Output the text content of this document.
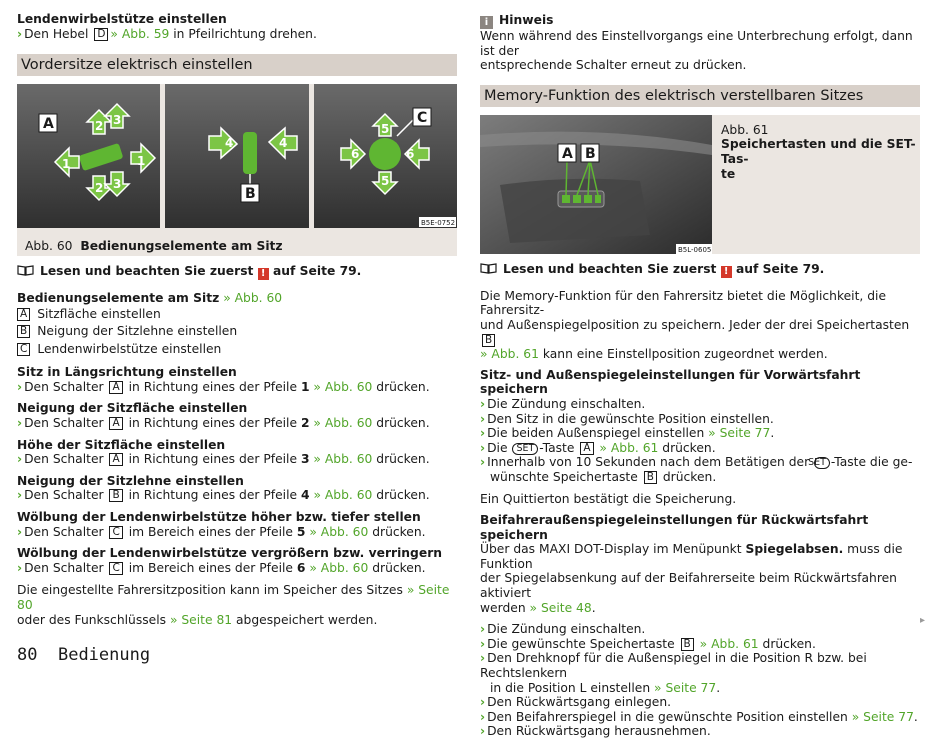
Lendenwirbelstütze einstellen
› Den Hebel D » Abb. 59 in Pfeilrichtung drehen.
Vordersitze elektrisch einstellen
1	1
2
2
3
3
A
4	4
B
5
5
6	6
C
B5E-0752
Abb. 60 Bedienungselemente am Sitz
Lesen und beachten Sie zuerst ! auf Seite 79.
Bedienungselemente am Sitz » Abb. 60
A Sitzfläche einstellen
B Neigung der Sitzlehne einstellen
C Lendenwirbelstütze einstellen
Sitz in Längsrichtung einstellen
› Den Schalter A in Richtung eines der Pfeile 1 » Abb. 60 drücken.
Neigung der Sitzfläche einstellen
› Den Schalter A in Richtung eines der Pfeile 2 » Abb. 60 drücken.
Höhe der Sitzfläche einstellen
› Den Schalter A in Richtung eines der Pfeile 3 » Abb. 60 drücken.
Neigung der Sitzlehne einstellen
› Den Schalter B in Richtung eines der Pfeile 4 » Abb. 60 drücken.
Wölbung der Lendenwirbelstütze höher bzw. tiefer stellen
› Den Schalter C im Bereich eines der Pfeile 5 » Abb. 60 drücken.
Wölbung der Lendenwirbelstütze vergrößern bzw. verringern
› Den Schalter C im Bereich eines der Pfeile 6 » Abb. 60 drücken.
Die eingestellte Fahrersitzposition kann im Speicher des Sitzes » Seite 80
oder des Funkschlüssels » Seite 81 abgespeichert werden.
80 Bedienung
i Hinweis
Wenn während des Einstellvorgangs eine Unterbrechung erfolgt, dann ist der
entsprechende Schalter erneut zu drücken.
Memory-Funktion des elektrisch verstellbaren Sitzes
A B
B5L-0605
Abb. 61
Speichertasten und die SET-Tas-
te
Lesen und beachten Sie zuerst ! auf Seite 79.
Die Memory-Funktion für den Fahrersitz bietet die Möglichkeit, die Fahrersitz-
und Außenspiegelposition zu speichern. Jeder der drei Speichertasten B
» Abb. 61 kann eine Einstellposition zugeordnet werden.
Sitz- und Außenspiegeleinstellungen für Vorwärtsfahrt speichern
› Die Zündung einschalten.
› Den Sitz in die gewünschte Position einstellen.
› Die beiden Außenspiegel einstellen » Seite 77.
› Die SET -Taste A » Abb. 61 drücken.
› Innerhalb von 10 Sekunden nach dem Betätigen der SET -Taste die ge-
wünschte Speichertaste B drücken.
Ein Quittierton bestätigt die Speicherung.
Beifahreraußenspiegeleinstellungen für Rückwärtsfahrt speichern
Über das MAXI DOT-Display im Menüpunkt Spiegelabsen. muss die Funktion
der Spiegelabsenkung auf der Beifahrerseite beim Rückwärtsfahren aktiviert
werden » Seite 48.
› Die Zündung einschalten.
› Die gewünschte Speichertaste B » Abb. 61 drücken.
› Den Drehknopf für die Außenspiegel in die Position R bzw. bei Rechtslenkern
in die Position L einstellen » Seite 77.
› Den Rückwärtsgang einlegen.
› Den Beifahrerspiegel in die gewünschte Position einstellen » Seite 77.
› Den Rückwärtsgang herausnehmen.
▸
